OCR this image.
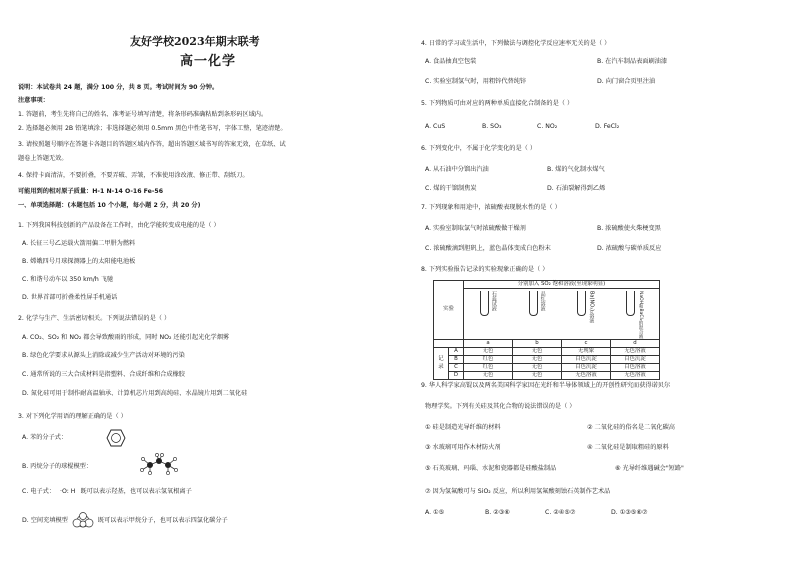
友好学校2023年期末联考
高一化学
说明：本试卷共 24 题，满分 100 分，共 8 页。考试时间为 90 分钟。
注意事项：
1. 答题前，考生先将自己的姓名、准考证号填写清楚，将条形码准确粘贴到条形码区域内。
2. 选择题必须用 2B 铅笔填涂；非选择题必须用 0.5mm 黑色中性笔书写，字体工整，笔迹清楚。
3. 请按照题号顺序在答题卡各题目的答题区域内作答，超出答题区域书写的答案无效，在草纸、试
题卷上答题无效。
4. 保持卡面清洁，不要折叠，不要弄破、弄皱，不准使用涂改液、修正带、刮纸刀。
可能用到的相对原子质量：H-1 N-14 O-16 Fe-56
一、单项选择题：(本题包括 10 个小题，每小题 2 分，共 20 分)
1. 下列我国科技创新的产品设备在工作时，由化学能转变成电能的是（ ）
A. 长征三号乙运载火箭用偏二甲肼为燃料
B. 嫦娥四号月球探测器上的太阳能电池板
C. 和谐号动车以 350 km/h 飞驰
D. 世界首部可折叠柔性屏手机通话
2. 化学与生产、生活密切相关。下列说法错误的是（ ）
A. CO₂、SO₂ 和 NO₂ 都会导致酸雨的形成，同时 NO₂ 还能引起光化学烟雾
B. 绿色化学要求从源头上消除或减少生产活动对环境的污染
C. 通常所说的三大合成材料是指塑料、合成纤维和合成橡胶
D. 氮化硅可用于制作耐高温轴承、计算机芯片用到高纯硅、水晶镜片用到二氧化硅
3. 对下列化学用语的理解正确的是（ ）
A. 苯的分子式：
B. 丙烷分子的球棍模型：
C. 电子式： ·O: H 既可以表示羟基，也可以表示氢氧根离子
D. 空间充填模型	既可以表示甲烷分子，也可以表示四氯化碳分子
4. 日常的学习或生活中，下列做法与调控化学反应速率无关的是（ ）
A. 食品抽真空包装	B. 在汽车制品表面刷油漆
C. 实验室制氢气时，用粗锌代替纯锌	D. 向门窗合页里注油
5. 下列物质可由对应的两种单质直接化合制备的是（ ）
A. CuS	B. SO₃	C. NO₂	D. FeCl₂
6. 下列变化中，不属于化学变化的是（ ）
A. 从石油中分馏出汽油	B. 煤的气化制水煤气
C. 煤的干馏制焦炭	D. 石油裂解得到乙烯
7. 下列现象和用途中，浓硫酸表现脱水性的是（ ）
A. 实验室制取氯气时浓硫酸做干燥剂	B. 浓硫酸使火柴梗变黑
C. 浓硫酸滴到胆矾上，蓝色晶体变成白色粉末	D. 浓硫酸与碳单质反应
8. 下列实验报告记录的实验现象正确的是（ ）
实验		分别加入 SO₂ 饱和溶液(至现象明显)			

		石蕊试液 品红溶液 Ba(NO₃)₂溶液 NaOH和BaCl₂的混合液			

		a	b	c	d
记录	A	无色	无色	无现象	无色溶液
	B	红色	无色	白色沉淀	白色沉淀
	C	红色	无色	白色沉淀	白色溶液
	D	无色	无色	无色溶液	无色溶液
9. 华人科学家高锟以及两名美国科学家因在光纤和半导体领域上的开创性研究而获得诺贝尔
物理学奖。下列有关硅及其化合物的说法错误的是（ ）
① 硅是制造光导纤维的材料	② 二氧化硅的俗名是二氧化碳高
③ 水玻璃可用作木材防火剂	④ 二氧化硅是制取粗硅的原料
⑤ 石英玻璃、玛瑙、水泥和瓷器都是硅酸盐制品	⑥ 光导纤维遇碱会"短路"
⑦ 因为氢氟酸可与 SiO₂ 反应，所以利用氢氟酸刻蚀石英制作艺术品
A. ①⑤	B. ②③⑥	C. ②④⑤⑦	D. ①③⑤⑥⑦
